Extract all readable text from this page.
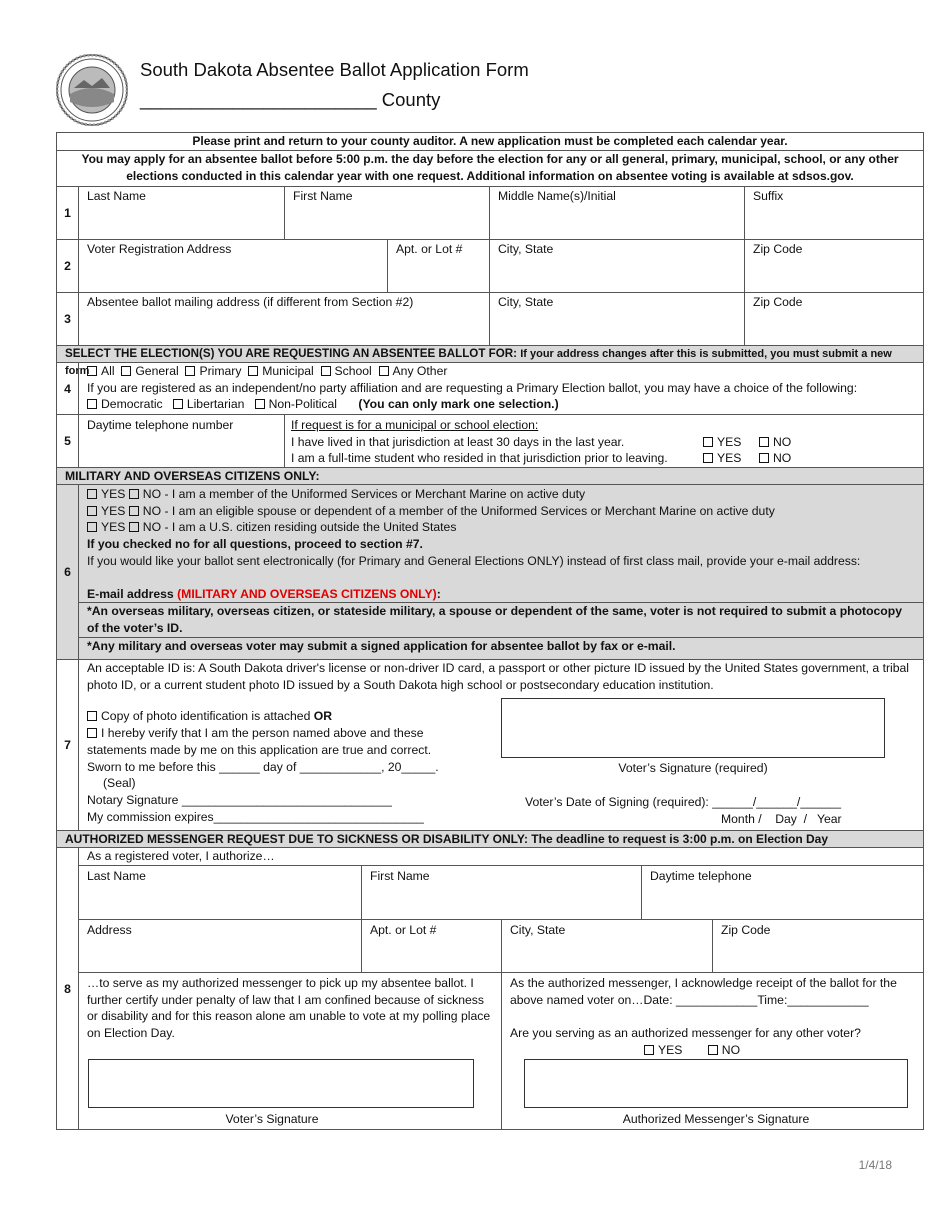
South Dakota Absentee Ballot Application Form
_______________________ County
Please print and return to your county auditor. A new application must be completed each calendar year.
You may apply for an absentee ballot before 5:00 p.m. the day before the election for any or all general, primary, municipal, school, or any other
elections conducted in this calendar year with one request. Additional information on absentee voting is available at sdsos.gov.
1
Last Name	First Name	Middle Name(s)/Initial	Suffix
2
Voter Registration Address	Apt. or Lot #	City, State	Zip Code
3
Absentee ballot mailing address (if different from Section #2)	City, State	Zip Code
SELECT THE ELECTION(S) YOU ARE REQUESTING AN ABSENTEE BALLOT FOR: If your address changes after this is submitted, you must submit a new form
4
All General Primary Municipal School Any Other
If you are registered as an independent/no party affiliation and are requesting a Primary Election ballot, you may have a choice of the following:
Democratic Libertarian Non-Political (You can only mark one selection.)
5
Daytime telephone number	If request is for a municipal or school election:
I have lived in that jurisdiction at least 30 days in the last year.	YES	NO
I am a full-time student who resided in that jurisdiction prior to leaving.	YES	NO
MILITARY AND OVERSEAS CITIZENS ONLY:
6
YES NO - I am a member of the Uniformed Services or Merchant Marine on active duty
YES NO - I am an eligible spouse or dependent of a member of the Uniformed Services or Merchant Marine on active duty
YES NO - I am a U.S. citizen residing outside the United States
If you checked no for all questions, proceed to section #7.
If you would like your ballot sent electronically (for Primary and General Elections ONLY) instead of first class mail, provide your e-mail address:
E-mail address (MILITARY AND OVERSEAS CITIZENS ONLY):
*An overseas military, overseas citizen, or stateside military, a spouse or dependent of the same, voter is not required to submit a photocopy of the voter’s ID.
*Any military and overseas voter may submit a signed application for absentee ballot by fax or e-mail.
7
An acceptable ID is: A South Dakota driver's license or non-driver ID card, a passport or other picture ID issued by the United States government, a tribal photo ID, or a current student photo ID issued by a South Dakota high school or postsecondary education institution.
Copy of photo identification is attached OR
I hereby verify that I am the person named above and these
statements made by me on this application are true and correct.
Sworn to me before this ______ day of ____________, 20_____.
(Seal)
Notary Signature _______________________________
My commission expires_______________________________
Voter’s Signature (required)
Voter’s Date of Signing (required): ______/______/______
Month /    Day  /   Year
AUTHORIZED MESSENGER REQUEST DUE TO SICKNESS OR DISABILITY ONLY: The deadline to request is 3:00 p.m. on Election Day
8
As a registered voter, I authorize…
Last Name	First Name	Daytime telephone
Address	Apt. or Lot #	City, State	Zip Code
…to serve as my authorized messenger to pick up my absentee ballot. I further certify under penalty of law that I am confined because of sickness or disability and for this reason alone am unable to vote at my polling place on Election Day.
Voter’s Signature
As the authorized messenger, I acknowledge receipt of the ballot for the above named voter on…Date: ____________Time:____________
Are you serving as an authorized messenger for any other voter?
YES	NO
Authorized Messenger’s Signature
1/4/18
